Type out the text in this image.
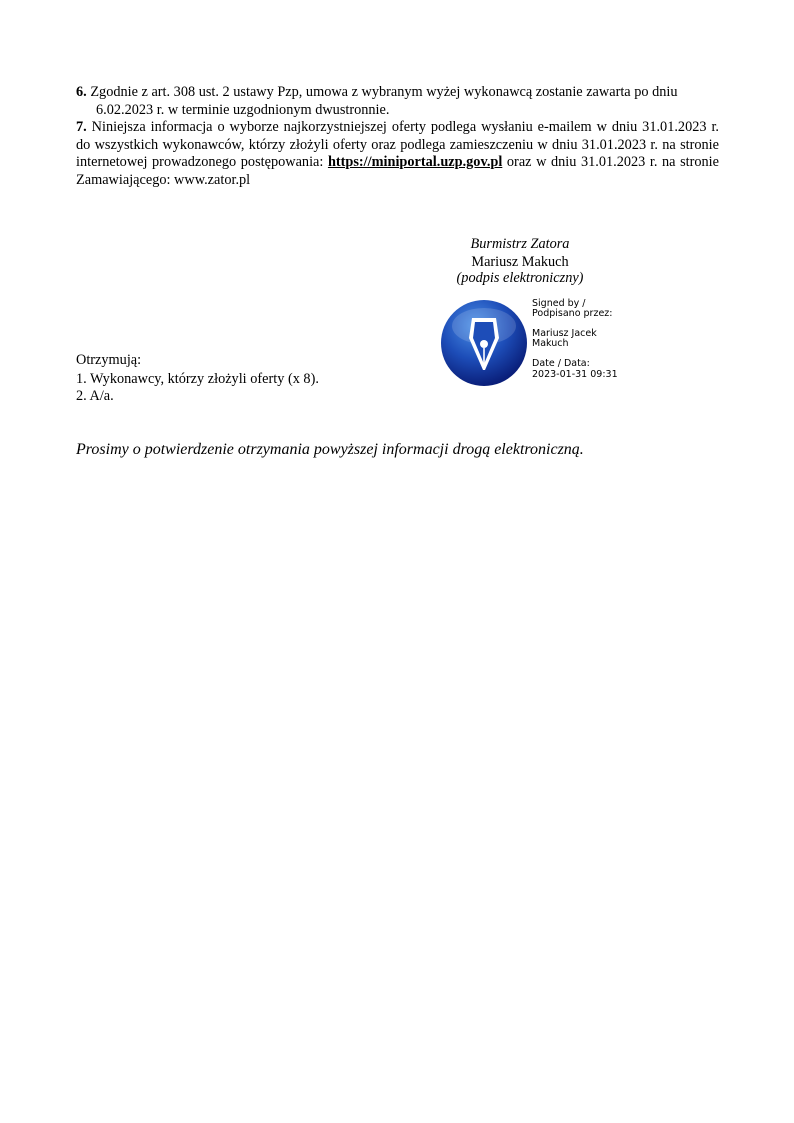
6. Zgodnie z art. 308 ust. 2 ustawy Pzp, umowa z wybranym wyżej wykonawcą zostanie zawarta po dniu
6.02.2023 r. w terminie uzgodnionym dwustronnie.
7. Niniejsza informacja o wyborze najkorzystniejszej oferty podlega wysłaniu e-mailem w dniu 31.01.2023 r. do wszystkich wykonawców, którzy złożyli oferty oraz podlega zamieszczeniu w dniu 31.01.2023 r. na stronie internetowej prowadzonego postępowania: https://miniportal.uzp.gov.pl oraz w dniu 31.01.2023 r. na stronie Zamawiającego: www.zator.pl
Burmistrz Zatora
Mariusz Makuch
(podpis elektroniczny)
Signed by /
Podpisano przez:
Mariusz Jacek
Makuch
Date / Data:
2023-01-31 09:31
Otrzymują:
1. Wykonawcy, którzy złożyli oferty (x 8).
2. A/a.
Prosimy o potwierdzenie otrzymania powyższej informacji drogą elektroniczną.
